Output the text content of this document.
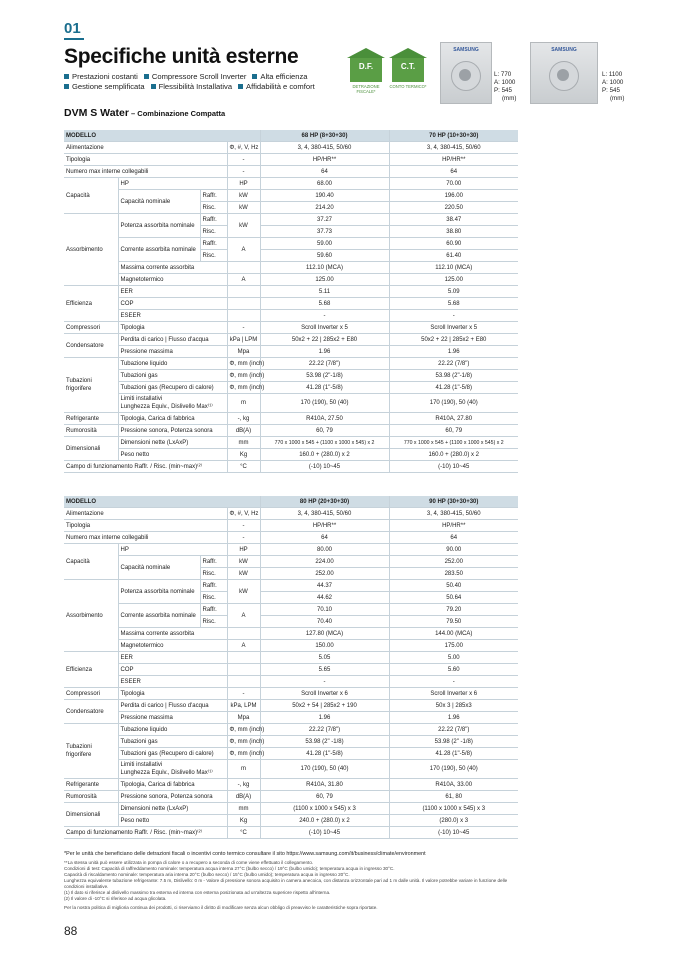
01
Specifiche unità esterne
Prestazioni costanti Compressore Scroll Inverter Alta efficienza
Gestione semplificata Flessibilità Installativa Affidabilità e comfort
D.F.
DETRAZIONE FISCALE*
C.T.
CONTO TERMICO*
SAMSUNG
L: 770
A: 1000
P: 545
(mm)
SAMSUNG
L: 1100
A: 1000
P: 545
(mm)
DVM S Water – Combinazione Compatta
MODELLO				68 HP (8+30+30)	70 HP (10+30+30)
Alimentazione			Φ, #, V, Hz	3, 4, 380-415, 50/60	3, 4, 380-415, 50/60
Tipologia			-	HP/HR**	HP/HR**
Numero max interne collegabili			-	64	64
Capacità	HP		HP	68.00	70.00
	Capacità nominale	Raffr.	kW	190.40	196.00
		Risc.	kW	214.20	220.50
Assorbimento	Potenza assorbita nominale	Raffr.	kW	37.27	38.47
		Risc.		37.73	38.80
	Corrente assorbita nominale	Raffr.	A	59.00	60.90
		Risc.		59.60	61.40
	Massima corrente assorbita			112.10 (MCA)	112.10 (MCA)
	Magnetotermico		A	125.00	125.00
Efficienza	EER			5.11	5.09
	COP			5.68	5.68
	ESEER			-	-
Compressori	Tipologia		-	Scroll Inverter x 5	Scroll Inverter x 5
Condensatore	Perdita di carico | Flusso d'acqua		kPa | LPM	50x2 + 22 | 285x2 + E80	50x2 + 22 | 285x2 + E80
	Pressione massima		Mpa	1.96	1.96
Tubazioni frigorifere	Tubazione liquido		Φ, mm (inch)	22.22 (7/8")	22.22 (7/8")
	Tubazioni gas		Φ, mm (inch)	53.98 (2"-1/8)	53.98 (2"-1/8)
	Tubazioni gas (Recupero di calore)		Φ, mm (inch)	41.28 (1"-5/8)	41.28 (1"-5/8)

	Limiti installativi
Lunghezza Equiv., Dislivello Max⁽¹⁾		m	170 (190), 50 (40)	170 (190), 50 (40)
Refrigerante	Tipologia, Carica di fabbrica		-, kg	R410A, 27.50	R410A, 27.80
Rumorosità	Pressione sonora, Potenza sonora		dB(A)	60, 79	60, 79
Dimensionali	Dimensioni nette (LxAxP)		mm	770 x 1000 x 545 + (1100 x 1000 x 545) x 2	770 x 1000 x 545 + (1100 x 1000 x 545) x 2
	Peso netto		Kg	160.0 + (280.0) x 2	160.0 + (280.0) x 2
Campo di funzionamento Raffr. / Risc. (min~max)⁽²⁾			°C	(-10) 10~45	(-10) 10~45
MODELLO				80 HP (20+30+30)	90 HP (30+30+30)
Alimentazione			Φ, #, V, Hz	3, 4, 380-415, 50/60	3, 4, 380-415, 50/60
Tipologia			-	HP/HR**	HP/HR**
Numero max interne collegabili			-	64	64
Capacità	HP		HP	80.00	90.00
	Capacità nominale	Raffr.	kW	224.00	252.00
		Risc.	kW	252.00	283.50
Assorbimento	Potenza assorbita nominale	Raffr.	kW	44.37	50.40
		Risc.		44.62	50.64
	Corrente assorbita nominale	Raffr.	A	70.10	79.20
		Risc.		70.40	79.50
	Massima corrente assorbita			127.80 (MCA)	144.00 (MCA)
	Magnetotermico		A	150.00	175.00
Efficienza	EER			5.05	5.00
	COP			5.65	5.60
	ESEER			-	-
Compressori	Tipologia		-	Scroll Inverter x 6	Scroll Inverter x 6
Condensatore	Perdita di carico | Flusso d'acqua		kPa, LPM	50x2 + 54 | 285x2 + 190	50x 3 | 285x3
	Pressione massima		Mpa	1.96	1.96
Tubazioni frigorifere	Tubazione liquido		Φ, mm (inch)	22.22 (7/8")	22.22 (7/8")
	Tubazioni gas		Φ, mm (inch)	53.98 (2" -1/8)	53.98 (2" -1/8)
	Tubazioni gas (Recupero di calore)		Φ, mm (inch)	41.28 (1"-5/8)	41.28 (1"-5/8)

	Limiti installativi
Lunghezza Equiv., Dislivello Max⁽¹⁾		m	170 (190), 50 (40)	170 (190), 50 (40)
Refrigerante	Tipologia, Carica di fabbrica		-, kg	R410A, 31.80	R410A, 33.00
Rumorosità	Pressione sonora, Potenza sonora		dB(A)	60, 79	61, 80
Dimensionali	Dimensioni nette (LxAxP)		mm	(1100 x 1000 x 545) x 3	(1100 x 1000 x 545) x 3
	Peso netto		Kg	240.0 + (280.0) x 2	(280.0) x 3
Campo di funzionamento Raffr. / Risc. (min~max)⁽²⁾			°C	(-10) 10~45	(-10) 10~45
*Per le unità che beneficiano delle detrazioni fiscali o incentivi conto termico consultare il sito https://www.samsung.com/it/business/climate/environment
**La stessa unità può essere utilizzata in pompa di calore o a recupero a seconda di come viene effettuato il collegamento.
Condizioni di test: Capacità di raffreddamento nominale: temperatura acqua interna 27°C (bulbo secco) / 19°C (bulbo umido); temperatura acqua in ingresso 30°C.
Capacità di riscaldamento nominale: temperatura aria interna 20°C (bulbo secco) / 15°C (bulbo umido); temperatura acqua in ingresso 20°C.
Lunghezza equivalente tubazione refrigerante: 7.5 m, Dislivello: 0 m - Valore di pressione sonora acquisito in camera anecoica, con distanza orizzontale pari ad 1 m dalle unità. Il valore potrebbe variare in funzione delle condizioni installative.
(1) Il dato si riferisce al dislivello massimo tra esterna ed interna con esterna posizionata ad un'altezza superiore rispetto all'interna.
(2) Il valore di -10°C si riferisce ad acqua glicolata.
Per la nostra politica di miglioria continua dei prodotti, ci riserviamo il diritto di modificare senza alcun obbligo di preavviso le caratteristiche sopra riportate.
88
